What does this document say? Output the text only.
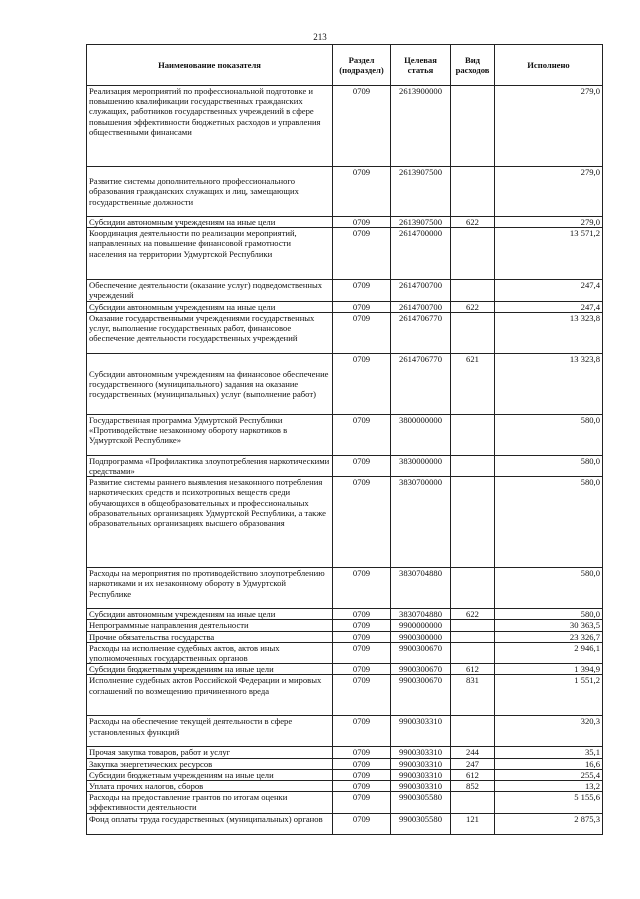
213
Наименование показателя	Раздел (подраздел)	Целевая статья	Вид расходов	Исполнено
Реализация мероприятий по профессиональной подготовке и повышению квалификации государственных гражданских служащих, работников государственных учреждений в сфере повышения эффективности бюджетных расходов и управления общественными финансами	0709	2613900000		279,0
Развитие системы дополнительного профессионального образования гражданских служащих и лиц, замещающих государственные должности	0709	2613907500		279,0
Субсидии автономным учреждениям на иные цели	0709	2613907500	622	279,0
Координация деятельности по реализации мероприятий, направленных на повышение финансовой грамотности населения на территории Удмуртской Республики	0709	2614700000		13 571,2
Обеспечение деятельности (оказание услуг) подведомственных учреждений	0709	2614700700		247,4
Субсидии автономным учреждениям на иные цели	0709	2614700700	622	247,4
Оказание государственными учреждениями государственных услуг, выполнение государственных работ, финансовое обеспечение деятельности государственных учреждений	0709	2614706770		13 323,8
Субсидии автономным учреждениям на финансовое обеспечение государственного (муниципального) задания на оказание государственных (муниципальных) услуг (выполнение работ)	0709	2614706770	621	13 323,8
Государственная программа Удмуртской Республики «Противодействие незаконному обороту наркотиков в Удмуртской Республике»	0709	3800000000		580,0
Подпрограмма «Профилактика злоупотребления наркотическими средствами»	0709	3830000000		580,0
Развитие системы раннего выявления незаконного потребления наркотических средств и психотропных веществ среди обучающихся в общеобразовательных и профессиональных образовательных организациях Удмуртской Республики, а также образовательных организациях высшего образования	0709	3830700000		580,0
Расходы на мероприятия по противодействию злоупотреблению наркотиками и их незаконному обороту в Удмуртской Республике	0709	3830704880		580,0
Субсидии автономным учреждениям на иные цели	0709	3830704880	622	580,0
Непрограммные направления деятельности	0709	9900000000		30 363,5
Прочие обязательства государства	0709	9900300000		23 326,7
Расходы на исполнение судебных актов, актов иных уполномоченных государственных органов	0709	9900300670		2 946,1
Субсидии бюджетным учреждениям на иные цели	0709	9900300670	612	1 394,9
Исполнение судебных актов Российской Федерации и мировых соглашений по возмещению причиненного вреда	0709	9900300670	831	1 551,2
Расходы на обеспечение текущей деятельности в сфере установленных функций	0709	9900303310		320,3
Прочая закупка товаров, работ и услуг	0709	9900303310	244	35,1
Закупка энергетических ресурсов	0709	9900303310	247	16,6
Субсидии бюджетным учреждениям на иные цели	0709	9900303310	612	255,4
Уплата прочих налогов, сборов	0709	9900303310	852	13,2
Расходы на предоставление грантов по итогам оценки эффективности деятельности	0709	9900305580		5 155,6
Фонд оплаты труда государственных (муниципальных) органов	0709	9900305580	121	2 875,3
